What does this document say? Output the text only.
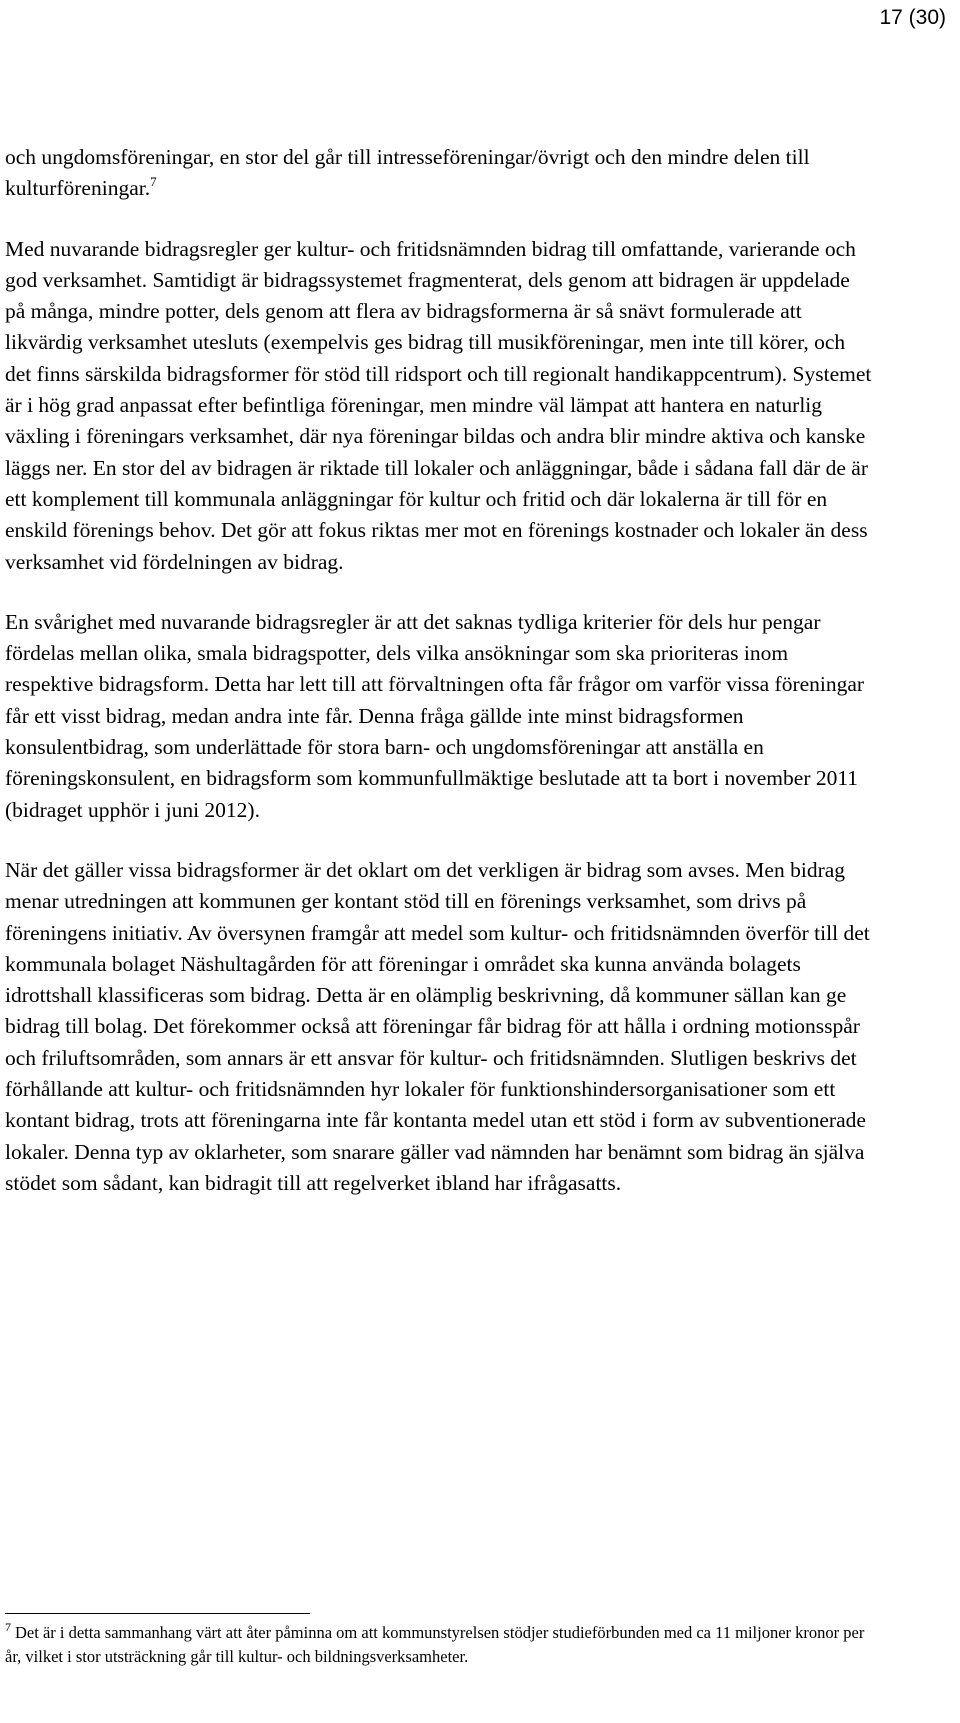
17 (30)

och ungdomsföreningar, en stor del går till intresseföreningar/övrigt och den mindre delen till kulturföreningar.$^7$

Med nuvarande bidragsregler ger kultur- och fritidsnämnden bidrag till omfattande, varierande och god verksamhet. Samtidigt är bidragssystemet fragmenterat, dels genom att bidragen är uppdelade på många, mindre potter, dels genom att flera av bidragsformerna är så snävt formulerade att likvärdig verksamhet utesluts (exempelvis ges bidrag till musikföreningar, men inte till körer, och det finns särskilda bidragsformer för stöd till ridsport och till regionalt handikappcentrum). Systemet är i hög grad anpassat efter befintliga föreningar, men mindre väl lämpat att hantera en naturlig växling i föreningars verksamhet, där nya föreningar bildas och andra blir mindre aktiva och kanske läggs ner. En stor del av bidragen är riktade till lokaler och anläggningar, både i sådana fall där de är ett komplement till kommunala anläggningar för kultur och fritid och där lokalerna är till för en enskild förenings behov. Det gör att fokus riktas mer mot en förenings kostnader och lokaler än dess verksamhet vid fördelningen av bidrag.

En svårighet med nuvarande bidragsregler är att det saknas tydliga kriterier för dels hur pengar fördelas mellan olika, smala bidragspotter, dels vilka ansökningar som ska prioriteras inom respektive bidragsform. Detta har lett till att förvaltningen ofta får frågor om varför vissa föreningar får ett visst bidrag, medan andra inte får. Denna fråga gällde inte minst bidragsformen konsulentbidrag, som underlättade för stora barn- och ungdomsföreningar att anställa en föreningskonsulent, en bidragsform som kommunfullmäktige beslutade att ta bort i november 2011 (bidraget upphör i juni 2012).

När det gäller vissa bidragsformer är det oklart om det verkligen är bidrag som avses. Men bidrag menar utredningen att kommunen ger kontant stöd till en förenings verksamhet, som drivs på föreningens initiativ. Av översynen framgår att medel som kultur- och fritidsnämnden överför till det kommunala bolaget Näshultagården för att föreningar i området ska kunna använda bolagets idrottshall klassificeras som bidrag. Detta är en olämplig beskrivning, då kommuner sällan kan ge bidrag till bolag. Det förekommer också att föreningar får bidrag för att hålla i ordning motionsspår och friluftsområden, som annars är ett ansvar för kultur- och fritidsnämnden. Slutligen beskrivs det förhållande att kultur- och fritidsnämnden hyr lokaler för funktionshindersorganisationer som ett kontant bidrag, trots att föreningarna inte får kontanta medel utan ett stöd i form av subventionerade lokaler. Denna typ av oklarheter, som snarare gäller vad nämnden har benämnt som bidrag än själva stödet som sådant, kan bidragit till att regelverket ibland har ifrågasatts.

$^7$ Det är i detta sammanhang värt att åter påminna om att kommunstyrelsen stödjer studieförbunden med ca 11 miljoner kronor per år, vilket i stor utsträckning går till kultur- och bildningsverksamheter.
